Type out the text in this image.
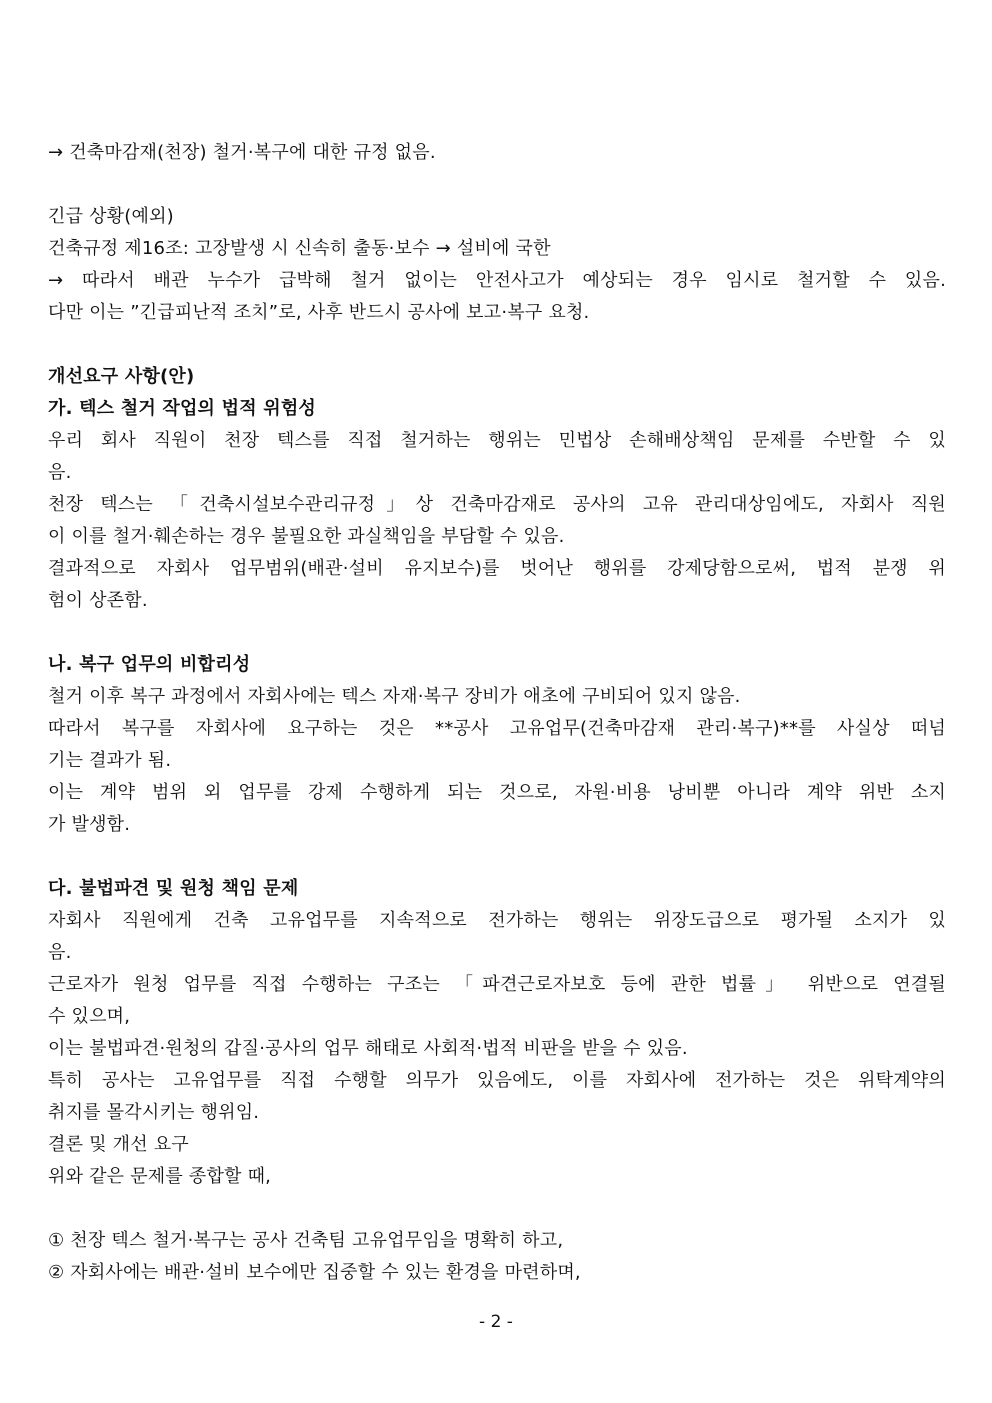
→ 건축마감재(천장) 철거·복구에 대한 규정 없음.
긴급 상황(예외)
건축규정 제16조: 고장발생 시 신속히 출동·보수 → 설비에 국한
→ 따라서 배관 누수가 급박해 철거 없이는 안전사고가 예상되는 경우 임시로 철거할 수 있음.
다만 이는 ”긴급피난적 조치”로, 사후 반드시 공사에 보고·복구 요청.
개선요구 사항(안)
가. 텍스 철거 작업의 법적 위험성
우리 회사 직원이 천장 텍스를 직접 철거하는 행위는 민법상 손해배상책임 문제를 수반할 수 있
음.
천장 텍스는 「건축시설보수관리규정」상 건축마감재로 공사의 고유 관리대상임에도, 자회사 직원
이 이를 철거·훼손하는 경우 불필요한 과실책임을 부담할 수 있음.
결과적으로 자회사 업무범위(배관·설비 유지보수)를 벗어난 행위를 강제당함으로써, 법적 분쟁 위
험이 상존함.
나. 복구 업무의 비합리성
철거 이후 복구 과정에서 자회사에는 텍스 자재·복구 장비가 애초에 구비되어 있지 않음.
따라서 복구를 자회사에 요구하는 것은 **공사 고유업무(건축마감재 관리·복구)**를 사실상 떠넘
기는 결과가 됨.
이는 계약 범위 외 업무를 강제 수행하게 되는 것으로, 자원·비용 낭비뿐 아니라 계약 위반 소지
가 발생함.
다. 불법파견 및 원청 책임 문제
자회사 직원에게 건축 고유업무를 지속적으로 전가하는 행위는 위장도급으로 평가될 소지가 있
음.
근로자가 원청 업무를 직접 수행하는 구조는 「파견근로자보호 등에 관한 법률」 위반으로 연결될
수 있으며,
이는 불법파견·원청의 갑질·공사의 업무 해태로 사회적·법적 비판을 받을 수 있음.
특히 공사는 고유업무를 직접 수행할 의무가 있음에도, 이를 자회사에 전가하는 것은 위탁계약의
취지를 몰각시키는 행위임.
결론 및 개선 요구
위와 같은 문제를 종합할 때,
① 천장 텍스 철거·복구는 공사 건축팀 고유업무임을 명확히 하고,
② 자회사에는 배관·설비 보수에만 집중할 수 있는 환경을 마련하며,
- 2 -
